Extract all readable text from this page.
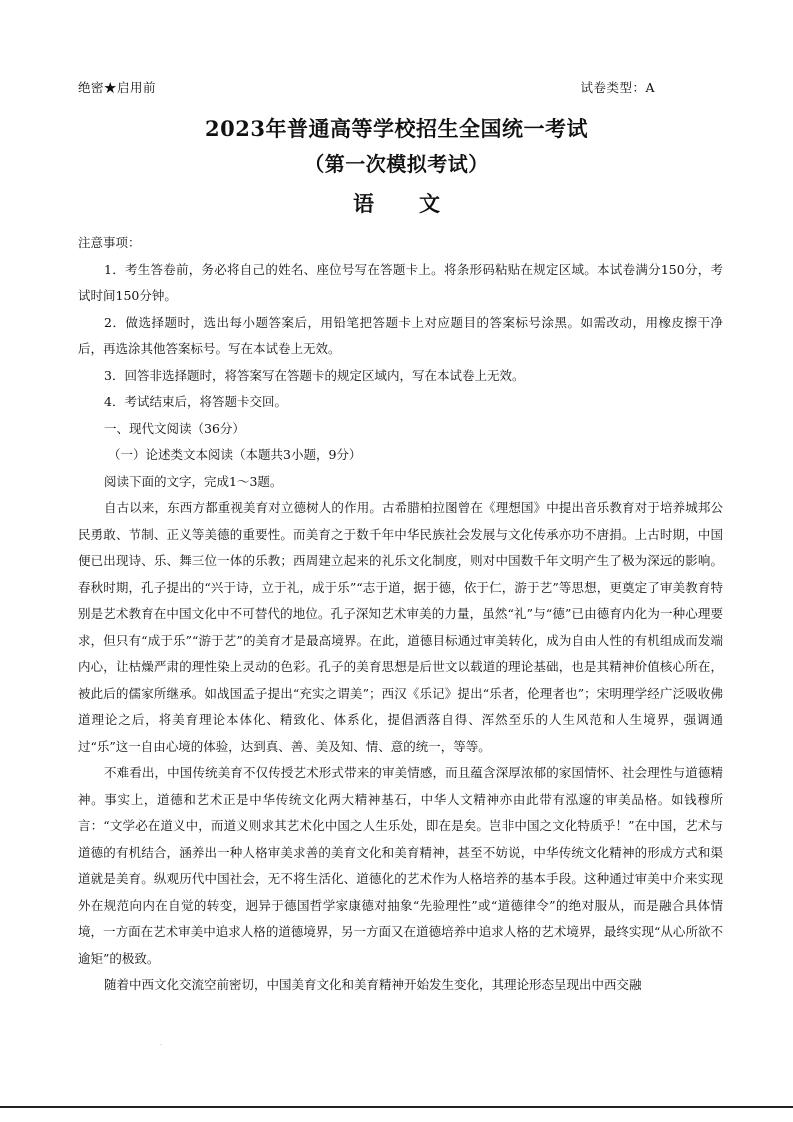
绝密★启用前	试卷类型：A
2023年普通高等学校招生全国统一考试
（第一次模拟考试）
语　文

注意事项：

1．考生答卷前，务必将自己的姓名、座位号写在答题卡上。将条形码粘贴在规定区域。本试卷满分150分，考试时间150分钟。

2．做选择题时，选出每小题答案后，用铅笔把答题卡上对应题目的答案标号涂黑。如需改动，用橡皮擦干净后，再选涂其他答案标号。写在本试卷上无效。

3．回答非选择题时，将答案写在答题卡的规定区域内，写在本试卷上无效。

4．考试结束后，将答题卡交回。

一、现代文阅读（36分）

（一）论述类文本阅读（本题共3小题，9分）

阅读下面的文字，完成1～3题。

自古以来，东西方都重视美育对立德树人的作用。古希腊柏拉图曾在《理想国》中提出音乐教育对于培养城邦公民勇敢、节制、正义等美德的重要性。而美育之于数千年中华民族社会发展与文化传承亦功不唐捐。上古时期，中国便已出现诗、乐、舞三位一体的乐教；西周建立起来的礼乐文化制度，则对中国数千年文明产生了极为深远的影响。春秋时期，孔子提出的“兴于诗，立于礼，成于乐”“志于道，据于德，依于仁，游于艺”等思想，更奠定了审美教育特别是艺术教育在中国文化中不可替代的地位。孔子深知艺术审美的力量，虽然“礼”与“德”已由德育内化为一种心理要求，但只有“成于乐”“游于艺”的美育才是最高境界。在此，道德目标通过审美转化，成为自由人性的有机组成而发端内心，让枯燥严肃的理性染上灵动的色彩。孔子的美育思想是后世文以载道的理论基础，也是其精神价值核心所在，被此后的儒家所继承。如战国孟子提出“充实之谓美”；西汉《乐记》提出“乐者，伦理者也”；宋明理学经广泛吸收佛道理论之后，将美育理论本体化、精致化、体系化，提倡洒落自得、浑然至乐的人生风范和人生境界，强调通过“乐”这一自由心境的体验，达到真、善、美及知、情、意的统一，等等。

不难看出，中国传统美育不仅传授艺术形式带来的审美情感，而且蕴含深厚浓郁的家国情怀、社会理性与道德精神。事实上，道德和艺术正是中华传统文化两大精神基石，中华人文精神亦由此带有泓邃的审美品格。如钱穆所言：“文学必在道义中，而道义则求其艺术化中国之人生乐处，即在是矣。岂非中国之文化特质乎！”在中国，艺术与道德的有机结合，涵养出一种人格审美求善的美育文化和美育精神，甚至不妨说，中华传统文化精神的形成方式和渠道就是美育。纵观历代中国社会，无不将生活化、道德化的艺术作为人格培养的基本手段。这种通过审美中介来实现外在规范向内在自觉的转变，迥异于德国哲学家康德对抽象“先验理性”或“道德律令”的绝对服从，而是融合具体情境，一方面在艺术审美中追求人格的道德境界，另一方面又在道德培养中追求人格的艺术境界，最终实现“从心所欲不逾矩”的极致。

随着中西文化交流空前密切，中国美育文化和美育精神开始发生变化，其理论形态呈现出中西交融

·
